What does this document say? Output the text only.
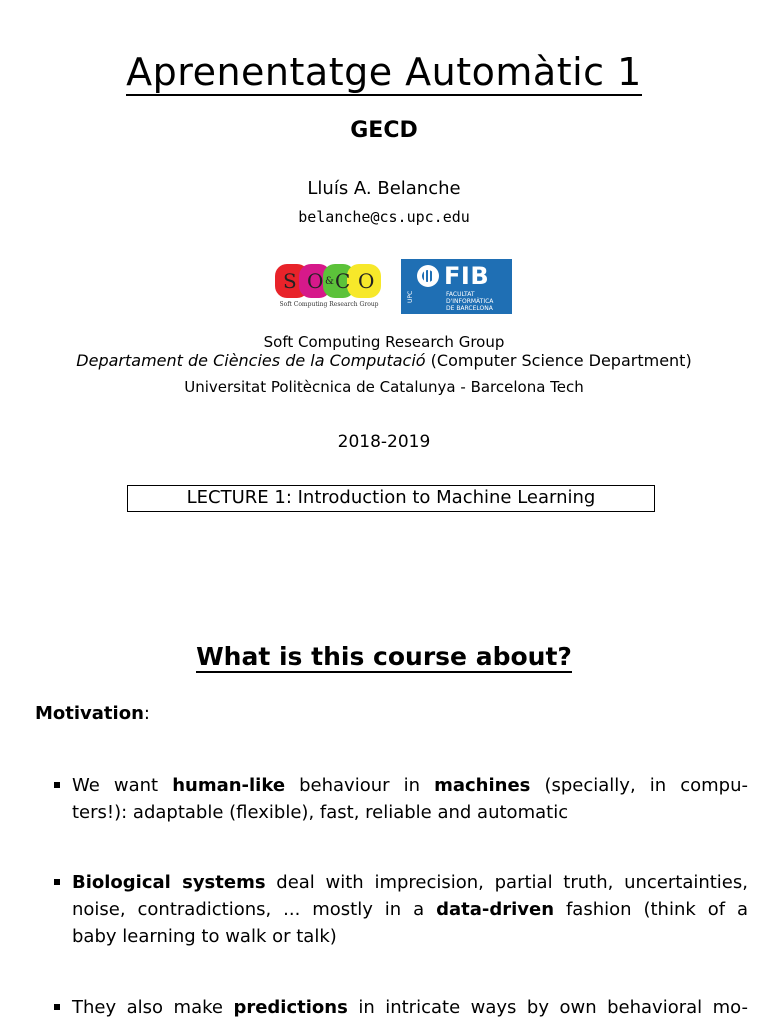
Aprenentatge Automàtic 1
GECD
Lluís A. Belanche
belanche@cs.upc.edu
S O & C O
Soft Computing Research Group
UPC
FIB
FACULTAT
D'INFORMÀTICA
DE BARCELONA
Soft Computing Research Group
Departament de Ciències de la Computació (Computer Science Department)
Universitat Politècnica de Catalunya - Barcelona Tech
2018-2019
LECTURE 1: Introduction to Machine Learning
What is this course about?
Motivation:
We want human-like behaviour in machines (specially, in compu-
ters!): adaptable (flexible), fast, reliable and automatic
Biological systems deal with imprecision, partial truth, uncertainties,
noise, contradictions, ... mostly in a data-driven fashion (think of a
baby learning to walk or talk)
They also make predictions in intricate ways by own behavioral mo-
